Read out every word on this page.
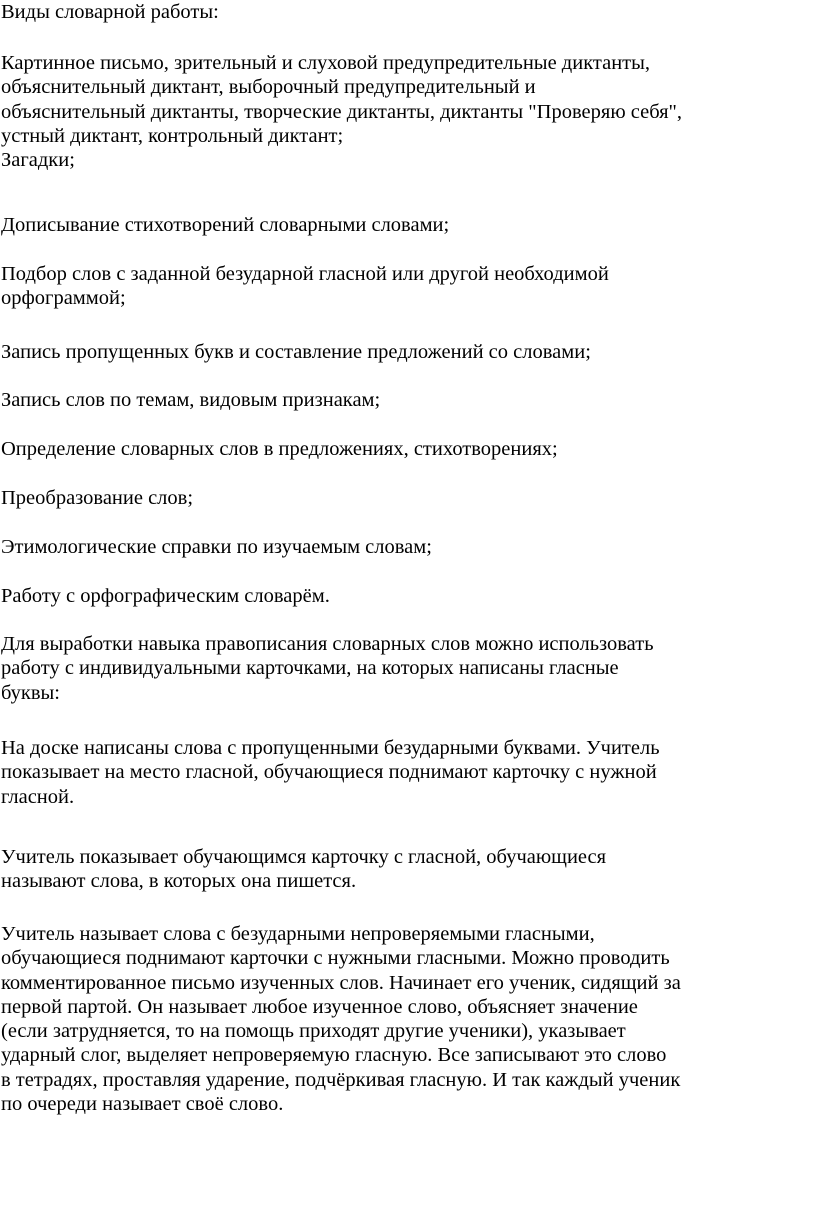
Виды словарной работы:

Картинное письмо, зрительный и слуховой предупредительные диктанты,
объяснительный диктант, выборочный предупредительный и
объяснительный диктанты, творческие диктанты, диктанты "Проверяю себя",
устный диктант, контрольный диктант;
Загадки;

Дописывание стихотворений словарными словами;

Подбор слов с заданной безударной гласной или другой необходимой
орфограммой;

Запись пропущенных букв и составление предложений со словами;

Запись слов по темам, видовым признакам;

Определение словарных слов в предложениях, стихотворениях;

Преобразование слов;

Этимологические справки по изучаемым словам;

Работу с орфографическим словарём.

Для выработки навыка правописания словарных слов можно использовать
работу с индивидуальными карточками, на которых написаны гласные
буквы:

На доске написаны слова с пропущенными безударными буквами. Учитель
показывает на место гласной, обучающиеся поднимают карточку с нужной
гласной.

Учитель показывает обучающимся карточку с гласной, обучающиеся
называют слова, в которых она пишется.

Учитель называет слова с безударными непроверяемыми гласными,
обучающиеся поднимают карточки с нужными гласными. Можно проводить
комментированное письмо изученных слов. Начинает его ученик, сидящий за
первой партой. Он называет любое изученное слово, объясняет значение
(если затрудняется, то на помощь приходят другие ученики), указывает
ударный слог, выделяет непроверяемую гласную. Все записывают это слово
в тетрадях, проставляя ударение, подчёркивая гласную. И так каждый ученик
по очереди называет своё слово.
